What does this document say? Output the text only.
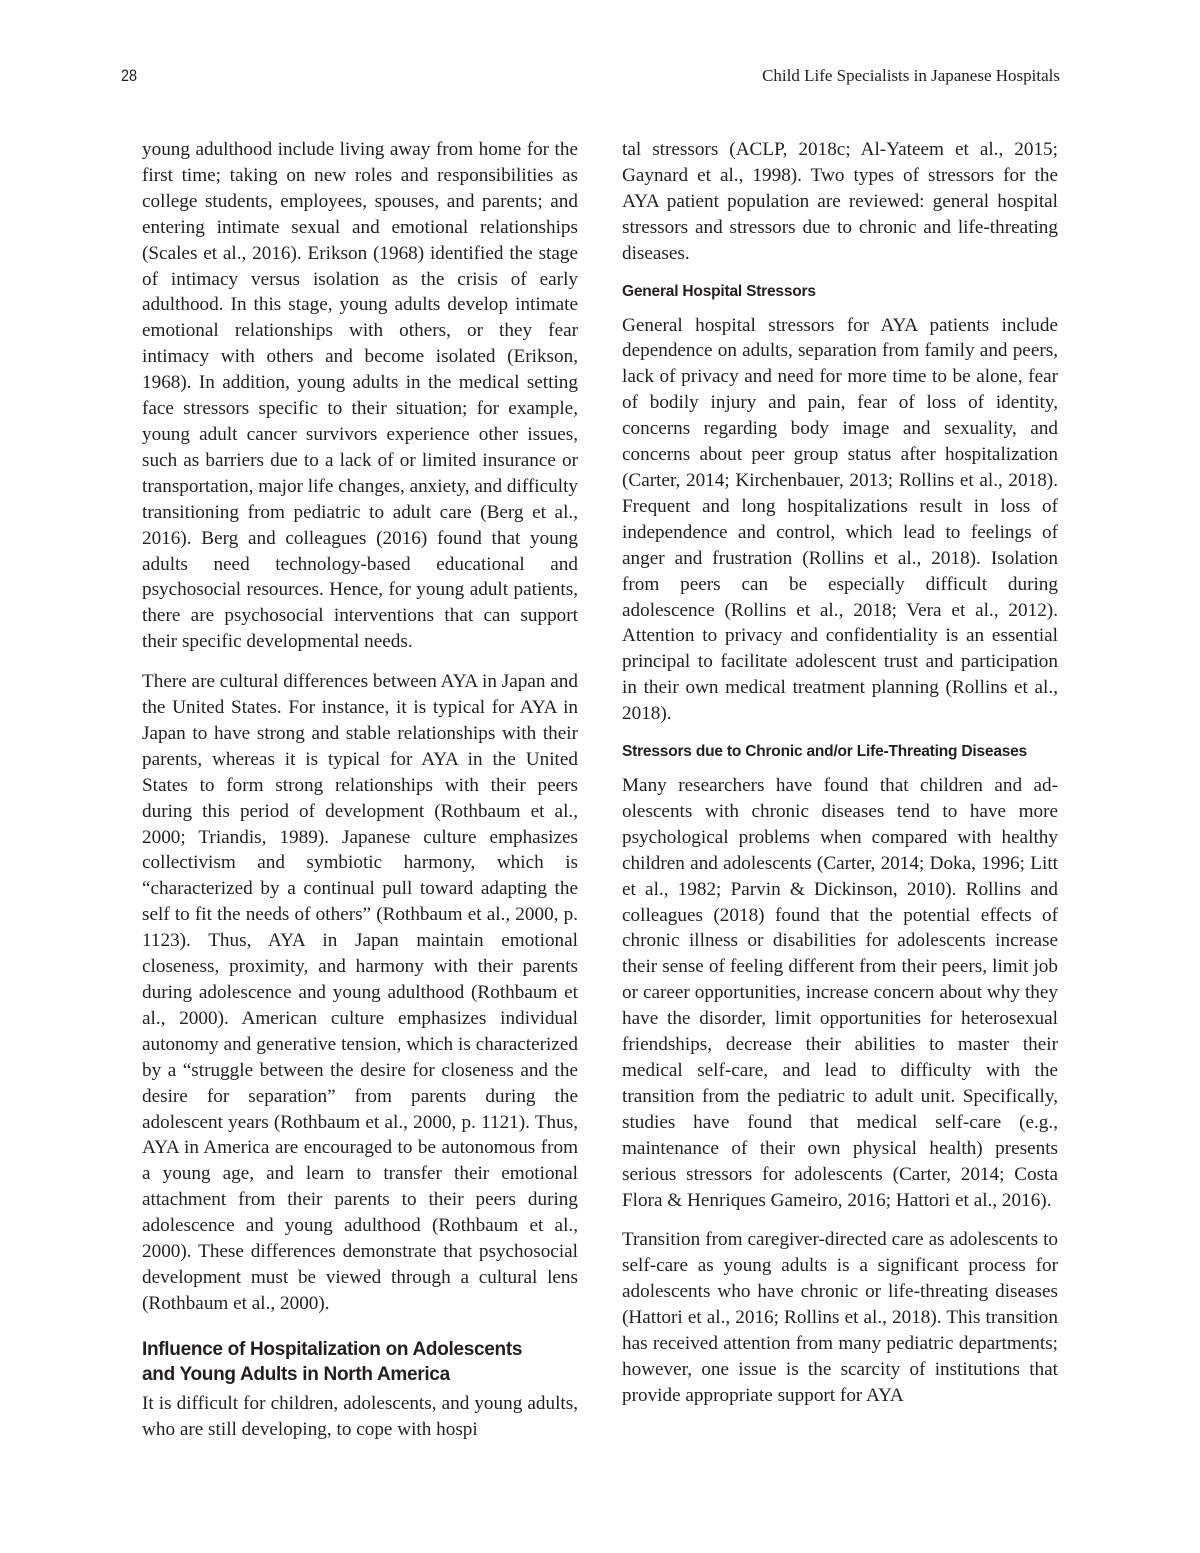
28	Child Life Specialists in Japanese Hospitals

young adulthood include living away from home for the first time; taking on new roles and responsibilities as college students, employees, spouses, and parents; and entering intimate sexual and emotional relationships (Scales et al., 2016). Erikson (1968) identified the stage of intimacy versus isolation as the crisis of early adulthood. In this stage, young adults develop intimate emotional relationships with others, or they fear intimacy with others and become isolated (Erikson, 1968). In addition, young adults in the medical setting face stressors specific to their situation; for example, young adult cancer survivors experience other issues, such as barriers due to a lack of or limited insurance or transportation, major life changes, anxiety, and difficulty transitioning from pediatric to adult care (Berg et al., 2016). Berg and colleagues (2016) found that young adults need technology-based educational and psychosocial resources. Hence, for young adult patients, there are psychosocial interventions that can support their specific developmental needs.

There are cultural differences between AYA in Japan and the United States. For instance, it is typical for AYA in Japan to have strong and stable relationships with their parents, whereas it is typical for AYA in the United States to form strong relationships with their peers during this period of development (Rothbaum et al., 2000; Triandis, 1989). Japanese culture emphasizes collectivism and symbiotic harmony, which is “characterized by a continual pull toward adapting the self to fit the needs of others” (Rothbaum et al., 2000, p. 1123). Thus, AYA in Japan maintain emotional closeness, proximity, and harmony with their parents during adolescence and young adulthood (Rothbaum et al., 2000). American culture emphasizes individual autonomy and generative tension, which is characterized by a “struggle between the desire for closeness and the desire for separation” from parents during the adolescent years (Rothbaum et al., 2000, p. 1121). Thus, AYA in America are encouraged to be autonomous from a young age, and learn to transfer their emotional attachment from their parents to their peers during adolescence and young adulthood (Rothbaum et al., 2000). These differences demonstrate that psychosocial development must be viewed through a cultural lens (Rothbaum et al., 2000).

Influence of Hospitalization on Adolescents
and Young Adults in North America

It is difficult for children, adolescents, and young adults, who are still developing, to cope with hospi

tal stressors (ACLP, 2018c; Al-Yateem et al., 2015; Gaynard et al., 1998). Two types of stressors for the AYA patient population are reviewed: general hospital stressors and stressors due to chronic and life-threating diseases.

General Hospital Stressors

General hospital stressors for AYA patients include dependence on adults, separation from family and peers, lack of privacy and need for more time to be alone, fear of bodily injury and pain, fear of loss of identity, concerns regarding body image and sexuality, and concerns about peer group status after hospitalization (Carter, 2014; Kirchenbauer, 2013; Rollins et al., 2018). Frequent and long hospitalizations result in loss of independence and control, which lead to feelings of anger and frustration (Rollins et al., 2018). Isolation from peers can be especially difficult during adolescence (Rollins et al., 2018; Vera et al., 2012). Attention to privacy and confidentiality is an essential principal to facilitate adolescent trust and participation in their own medical treatment planning (Rollins et al., 2018).

Stressors due to Chronic and/or Life-Threating Diseases

Many researchers have found that children and adolescents with chronic diseases tend to have more psychological problems when compared with healthy children and adolescents (Carter, 2014; Doka, 1996; Litt et al., 1982; Parvin & Dickinson, 2010). Rollins and colleagues (2018) found that the potential effects of chronic illness or disabilities for adolescents increase their sense of feeling different from their peers, limit job or career opportunities, increase concern about why they have the disorder, limit opportunities for heterosexual friendships, decrease their abilities to master their medical self-care, and lead to difficulty with the transition from the pediatric to adult unit. Specifically, studies have found that medical self-care (e.g., maintenance of their own physical health) presents serious stressors for adolescents (Carter, 2014; Costa Flora & Henriques Gameiro, 2016; Hattori et al., 2016).

Transition from caregiver-directed care as adolescents to self-care as young adults is a significant process for adolescents who have chronic or life-threating diseases (Hattori et al., 2016; Rollins et al., 2018). This transition has received attention from many pediatric departments; however, one issue is the scarcity of institutions that provide appropriate support for AYA
